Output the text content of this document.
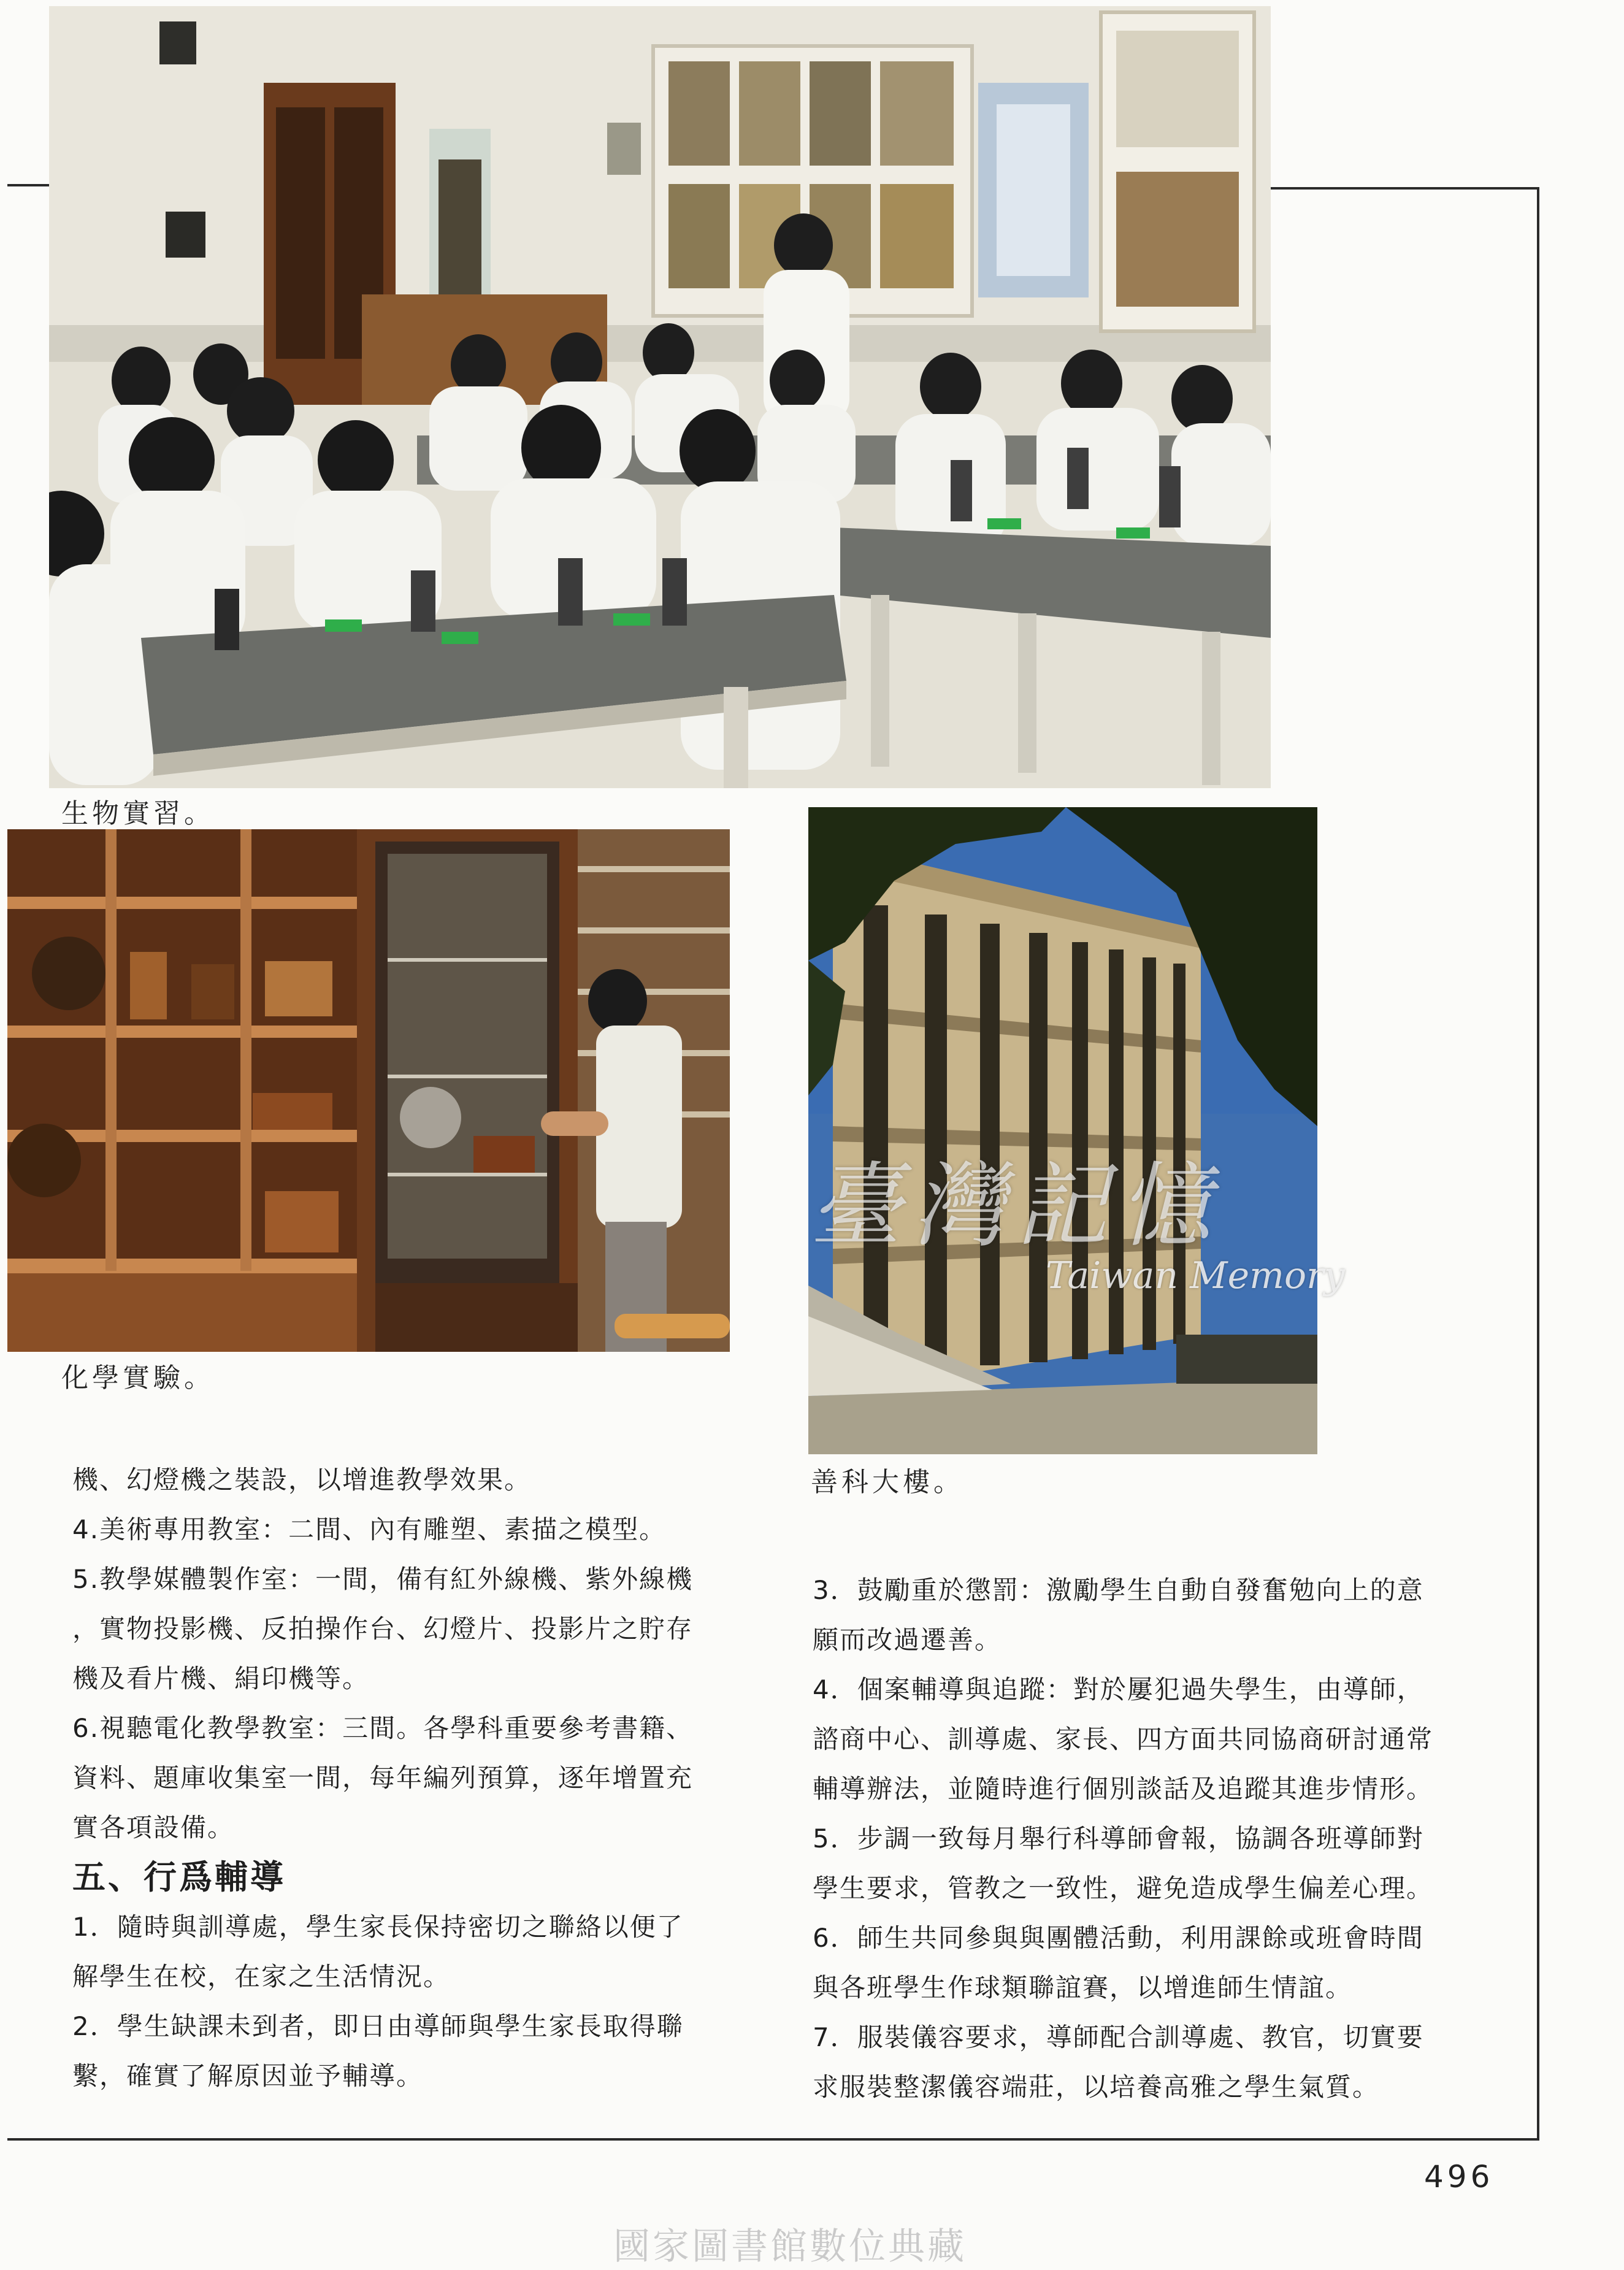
生物實習。
化學實驗。
臺灣記憶
Taiwan Memory
善科大樓。

機、幻燈機之裝設，以增進教學效果。

4.美術專用教室：二間、內有雕塑、素描之模型。

5.教學媒體製作室：一間，備有紅外線機、紫外線機

，實物投影機、反拍操作台、幻燈片、投影片之貯存

機及看片機、絹印機等。

6.視聽電化教學教室：三間。各學科重要參考書籍、

資料、題庫收集室一間，每年編列預算，逐年增置充

實各項設備。

五、行爲輔導

1．隨時與訓導處，學生家長保持密切之聯絡以便了

解學生在校，在家之生活情況。

2．學生缺課未到者，即日由導師與學生家長取得聯

繫，確實了解原因並予輔導。

3．鼓勵重於懲罰：激勵學生自動自發奮勉向上的意

願而改過遷善。

4．個案輔導與追蹤：對於屢犯過失學生，由導師，

諮商中心、訓導處、家長、四方面共同協商研討通常

輔導辦法，並隨時進行個別談話及追蹤其進步情形。

5．步調一致每月舉行科導師會報，協調各班導師對

學生要求，管教之一致性，避免造成學生偏差心理。

6．師生共同參與與團體活動，利用課餘或班會時間

與各班學生作球類聯誼賽，以增進師生情誼。

7．服裝儀容要求，導師配合訓導處、教官，切實要

求服裝整潔儀容端莊，以培養高雅之學生氣質。

496
國家圖書館數位典藏
